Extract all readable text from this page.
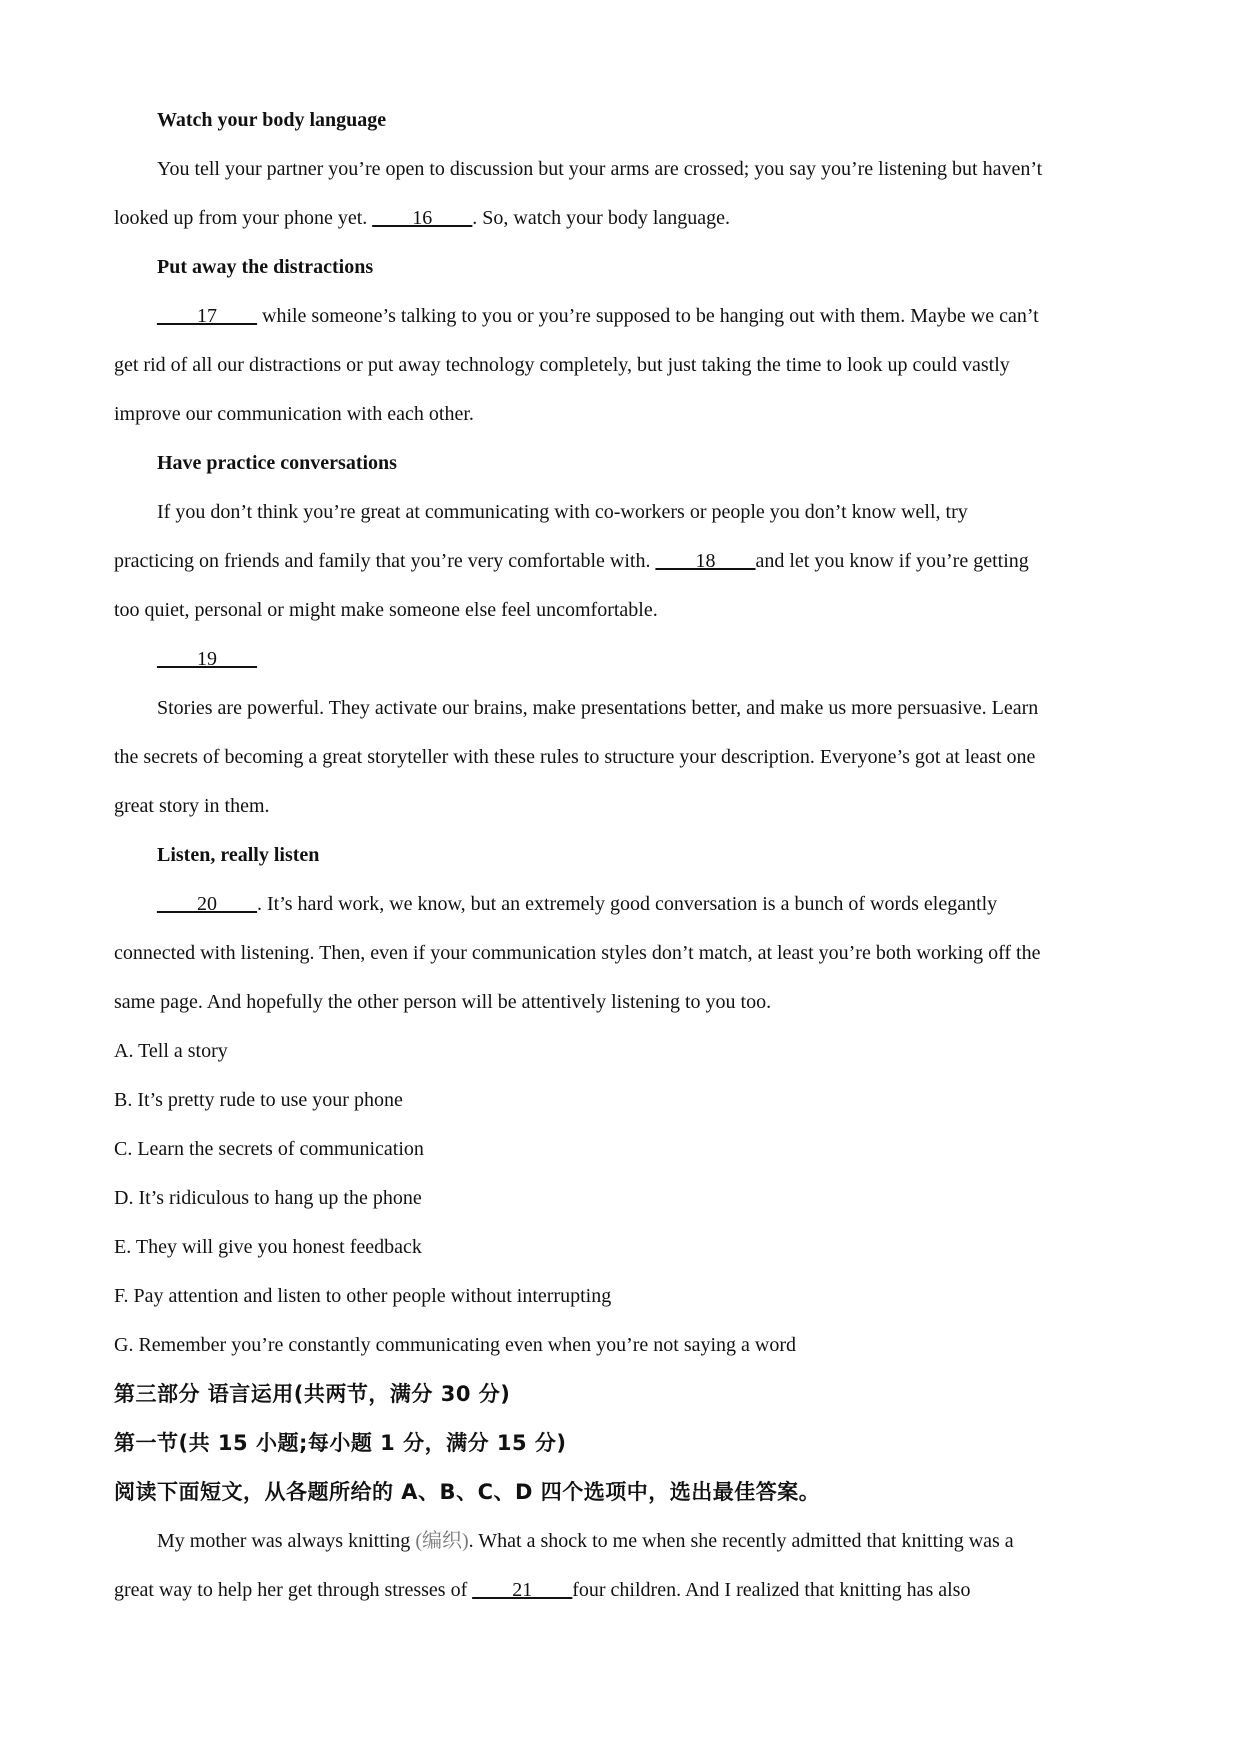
Watch your body language
You tell your partner you’re open to discussion but your arms are crossed; you say you’re listening but haven’t
looked up from your phone yet. ____16____. So, watch your body language.
Put away the distractions
____17____ while someone’s talking to you or you’re supposed to be hanging out with them. Maybe we can’t
get rid of all our distractions or put away technology completely, but just taking the time to look up could vastly
improve our communication with each other.
Have practice conversations
If you don’t think you’re great at communicating with co-workers or people you don’t know well, try
practicing on friends and family that you’re very comfortable with. ____18____and let you know if you’re getting
too quiet, personal or might make someone else feel uncomfortable.
____19____
Stories are powerful. They activate our brains, make presentations better, and make us more persuasive. Learn
the secrets of becoming a great storyteller with these rules to structure your description. Everyone’s got at least one
great story in them.
Listen, really listen
____20____. It’s hard work, we know, but an extremely good conversation is a bunch of words elegantly
connected with listening. Then, even if your communication styles don’t match, at least you’re both working off the
same page. And hopefully the other person will be attentively listening to you too.
A. Tell a story
B. It’s pretty rude to use your phone
C. Learn the secrets of communication
D. It’s ridiculous to hang up the phone
E. They will give you honest feedback
F. Pay attention and listen to other people without interrupting
G. Remember you’re constantly communicating even when you’re not saying a word
第三部分 语言运用(共两节，满分 30 分)
第一节(共 15 小题;每小题 1 分，满分 15 分)
阅读下面短文，从各题所给的 A、B、C、D 四个选项中，选出最佳答案。
My mother was always knitting (编织). What a shock to me when she recently admitted that knitting was a
great way to help her get through stresses of ____21____four children. And I realized that knitting has also
